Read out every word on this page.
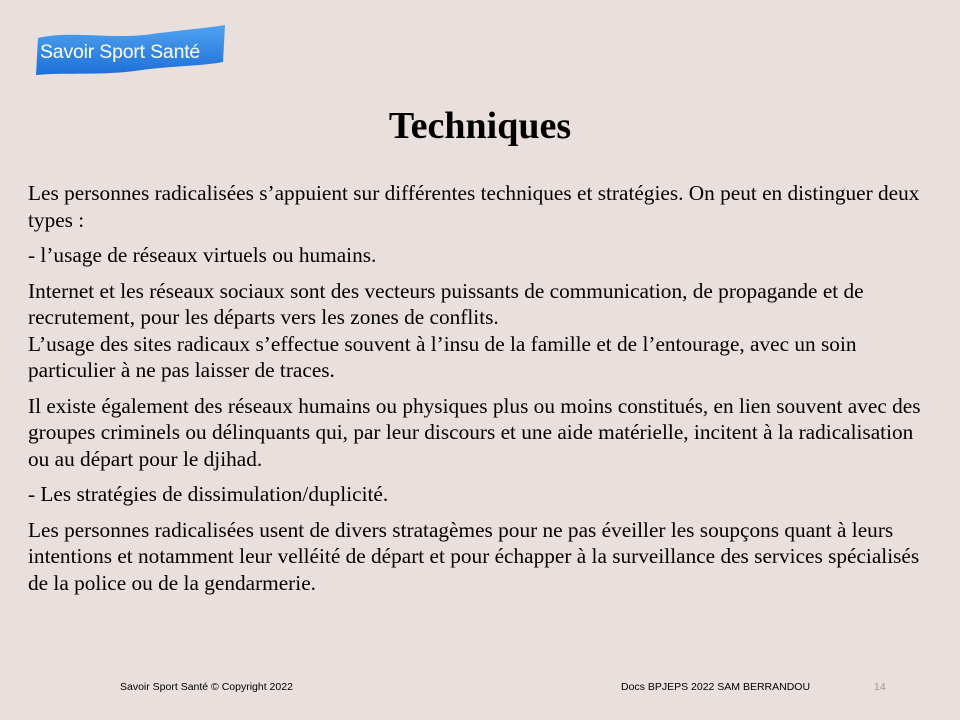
Savoir Sport Santé
Techniques

Les personnes radicalisées s’appuient sur différentes techniques et stratégies. On peut en distinguer deux types :

- l’usage de réseaux virtuels ou humains.

Internet et les réseaux sociaux sont des vecteurs puissants de communication, de propagande et de recrutement, pour les départs vers les zones de conflits.

L’usage des sites radicaux s’effectue souvent à l’insu de la famille et de l’entourage, avec un soin particulier à ne pas laisser de traces.

Il existe également des réseaux humains ou physiques plus ou moins constitués, en lien souvent avec des groupes criminels ou délinquants qui, par leur discours et une aide matérielle, incitent à la radicalisation ou au départ pour le djihad.

- Les stratégies de dissimulation/duplicité.

Les personnes radicalisées usent de divers stratagèmes pour ne pas éveiller les soupçons quant à leurs intentions et notamment leur velléité de départ et pour échapper à la surveillance des services spécialisés de la police ou de la gendarmerie.

Savoir Sport Santé © Copyright 2022	Docs BPJEPS 2022 SAM BERRANDOU	14
